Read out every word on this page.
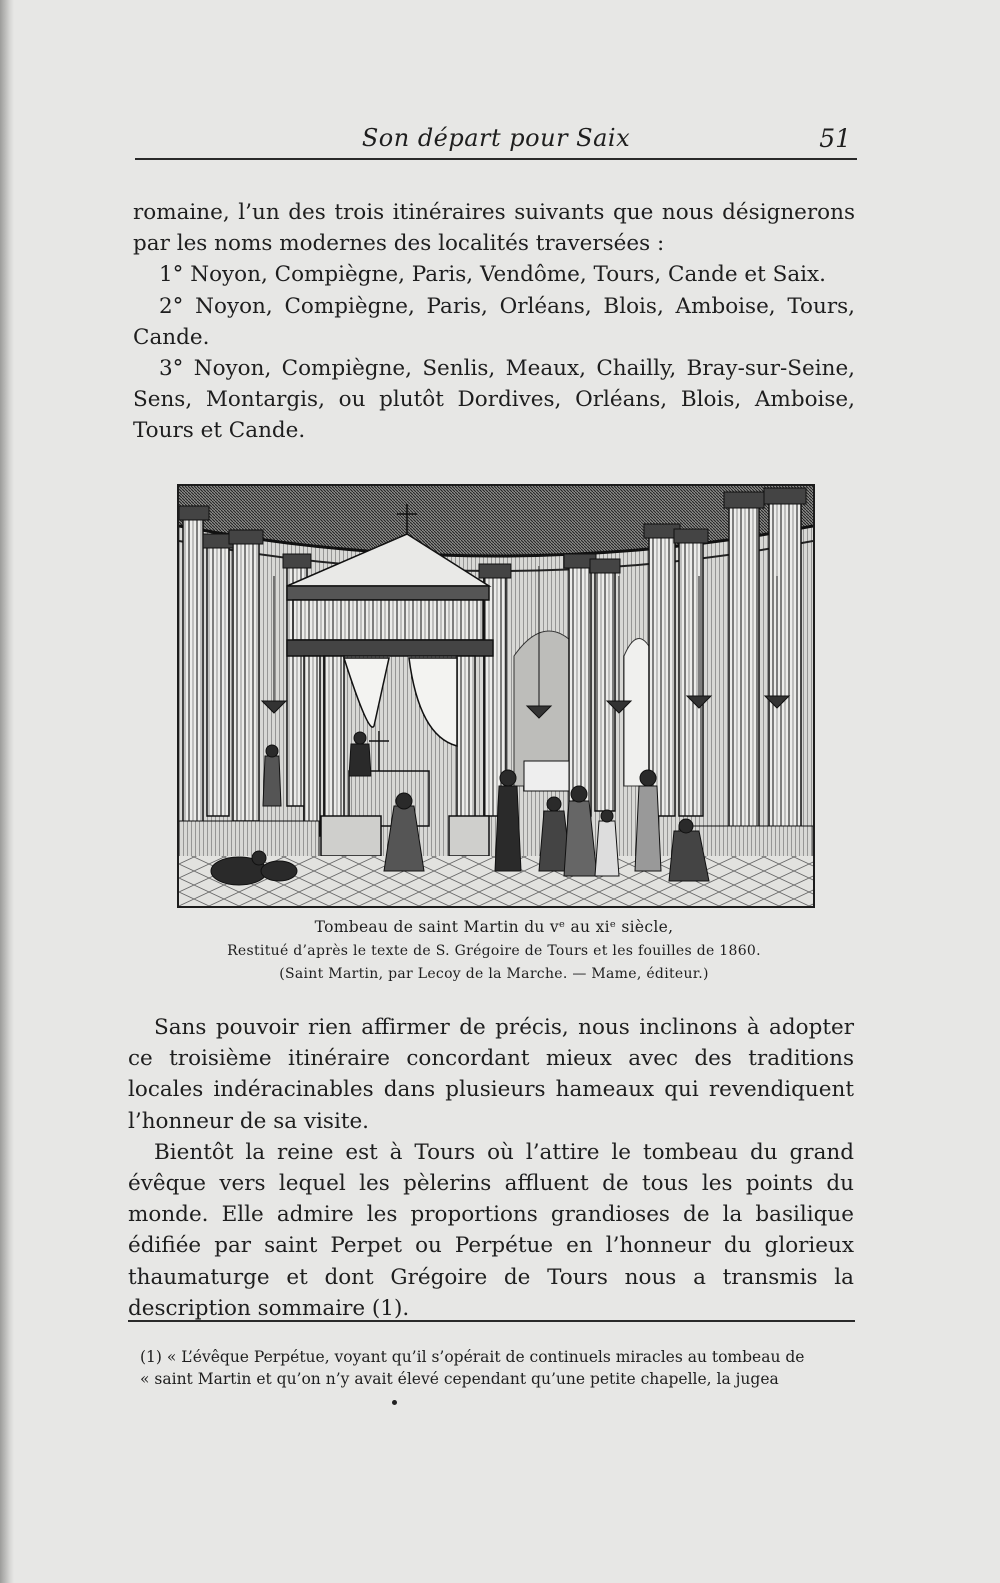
Son départ pour Saix	51

romaine, l’un des trois itinéraires suivants que nous désignerons par les noms modernes des localités traversées :

1° Noyon, Compiègne, Paris, Vendôme, Tours, Cande et Saix.

2° Noyon, Compiègne, Paris, Orléans, Blois, Amboise, Tours, Cande.

3° Noyon, Compiègne, Senlis, Meaux, Chailly, Bray-sur-Seine, Sens, Montargis, ou plutôt Dordives, Orléans, Blois, Amboise, Tours et Cande.

Tombeau de saint Martin du vᵉ au xiᵉ siècle,
Restitué d’après le texte de S. Grégoire de Tours et les fouilles de 1860.
(Saint Martin, par Lecoy de la Marche. — Mame, éditeur.)

Sans pouvoir rien affirmer de précis, nous inclinons à adopter ce troisième itinéraire concordant mieux avec des traditions locales indéracinables dans plusieurs hameaux qui revendiquent l’honneur de sa visite.

Bientôt la reine est à Tours où l’attire le tombeau du grand évêque vers lequel les pèlerins affluent de tous les points du monde. Elle admire les proportions grandioses de la basilique édifiée par saint Perpet ou Perpétue en l’honneur du glorieux thaumaturge et dont Grégoire de Tours nous a transmis la description sommaire (1).

(1) « L’évêque Perpétue, voyant qu’il s’opérait de continuels miracles au tombeau de

« saint Martin et qu’on n’y avait élevé cependant qu’une petite chapelle, la jugea
